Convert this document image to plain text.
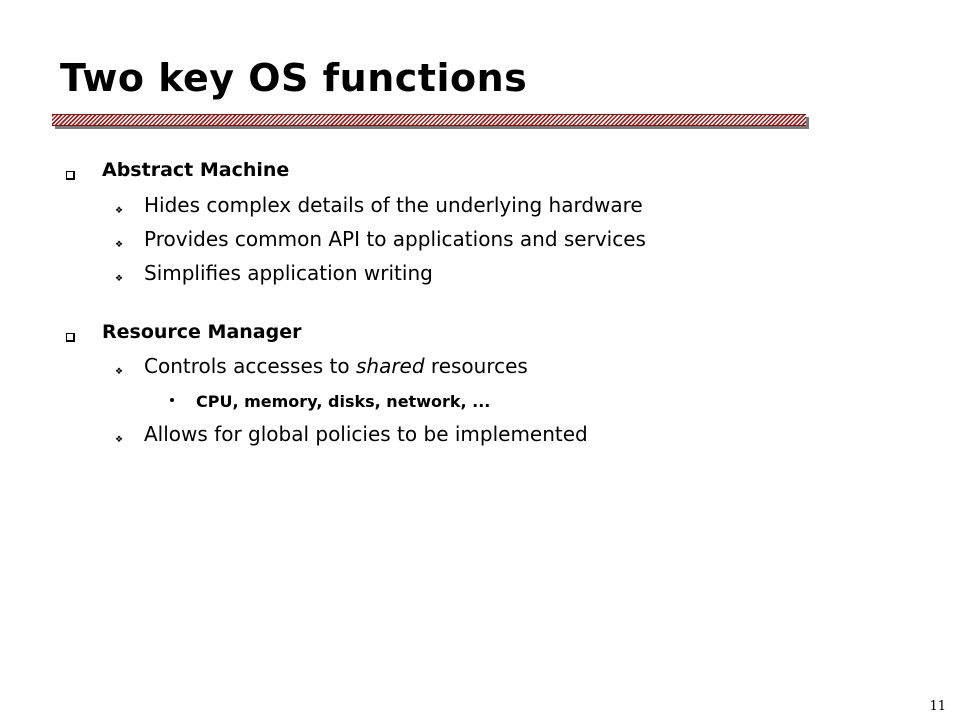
Two key OS functions
Abstract Machine
❖ Hides complex details of the underlying hardware
❖ Provides common API to applications and services
❖ Simplifies application writing
Resource Manager
❖ Controls accesses to shared resources
CPU, memory, disks, network, ...
❖ Allows for global policies to be implemented
11
